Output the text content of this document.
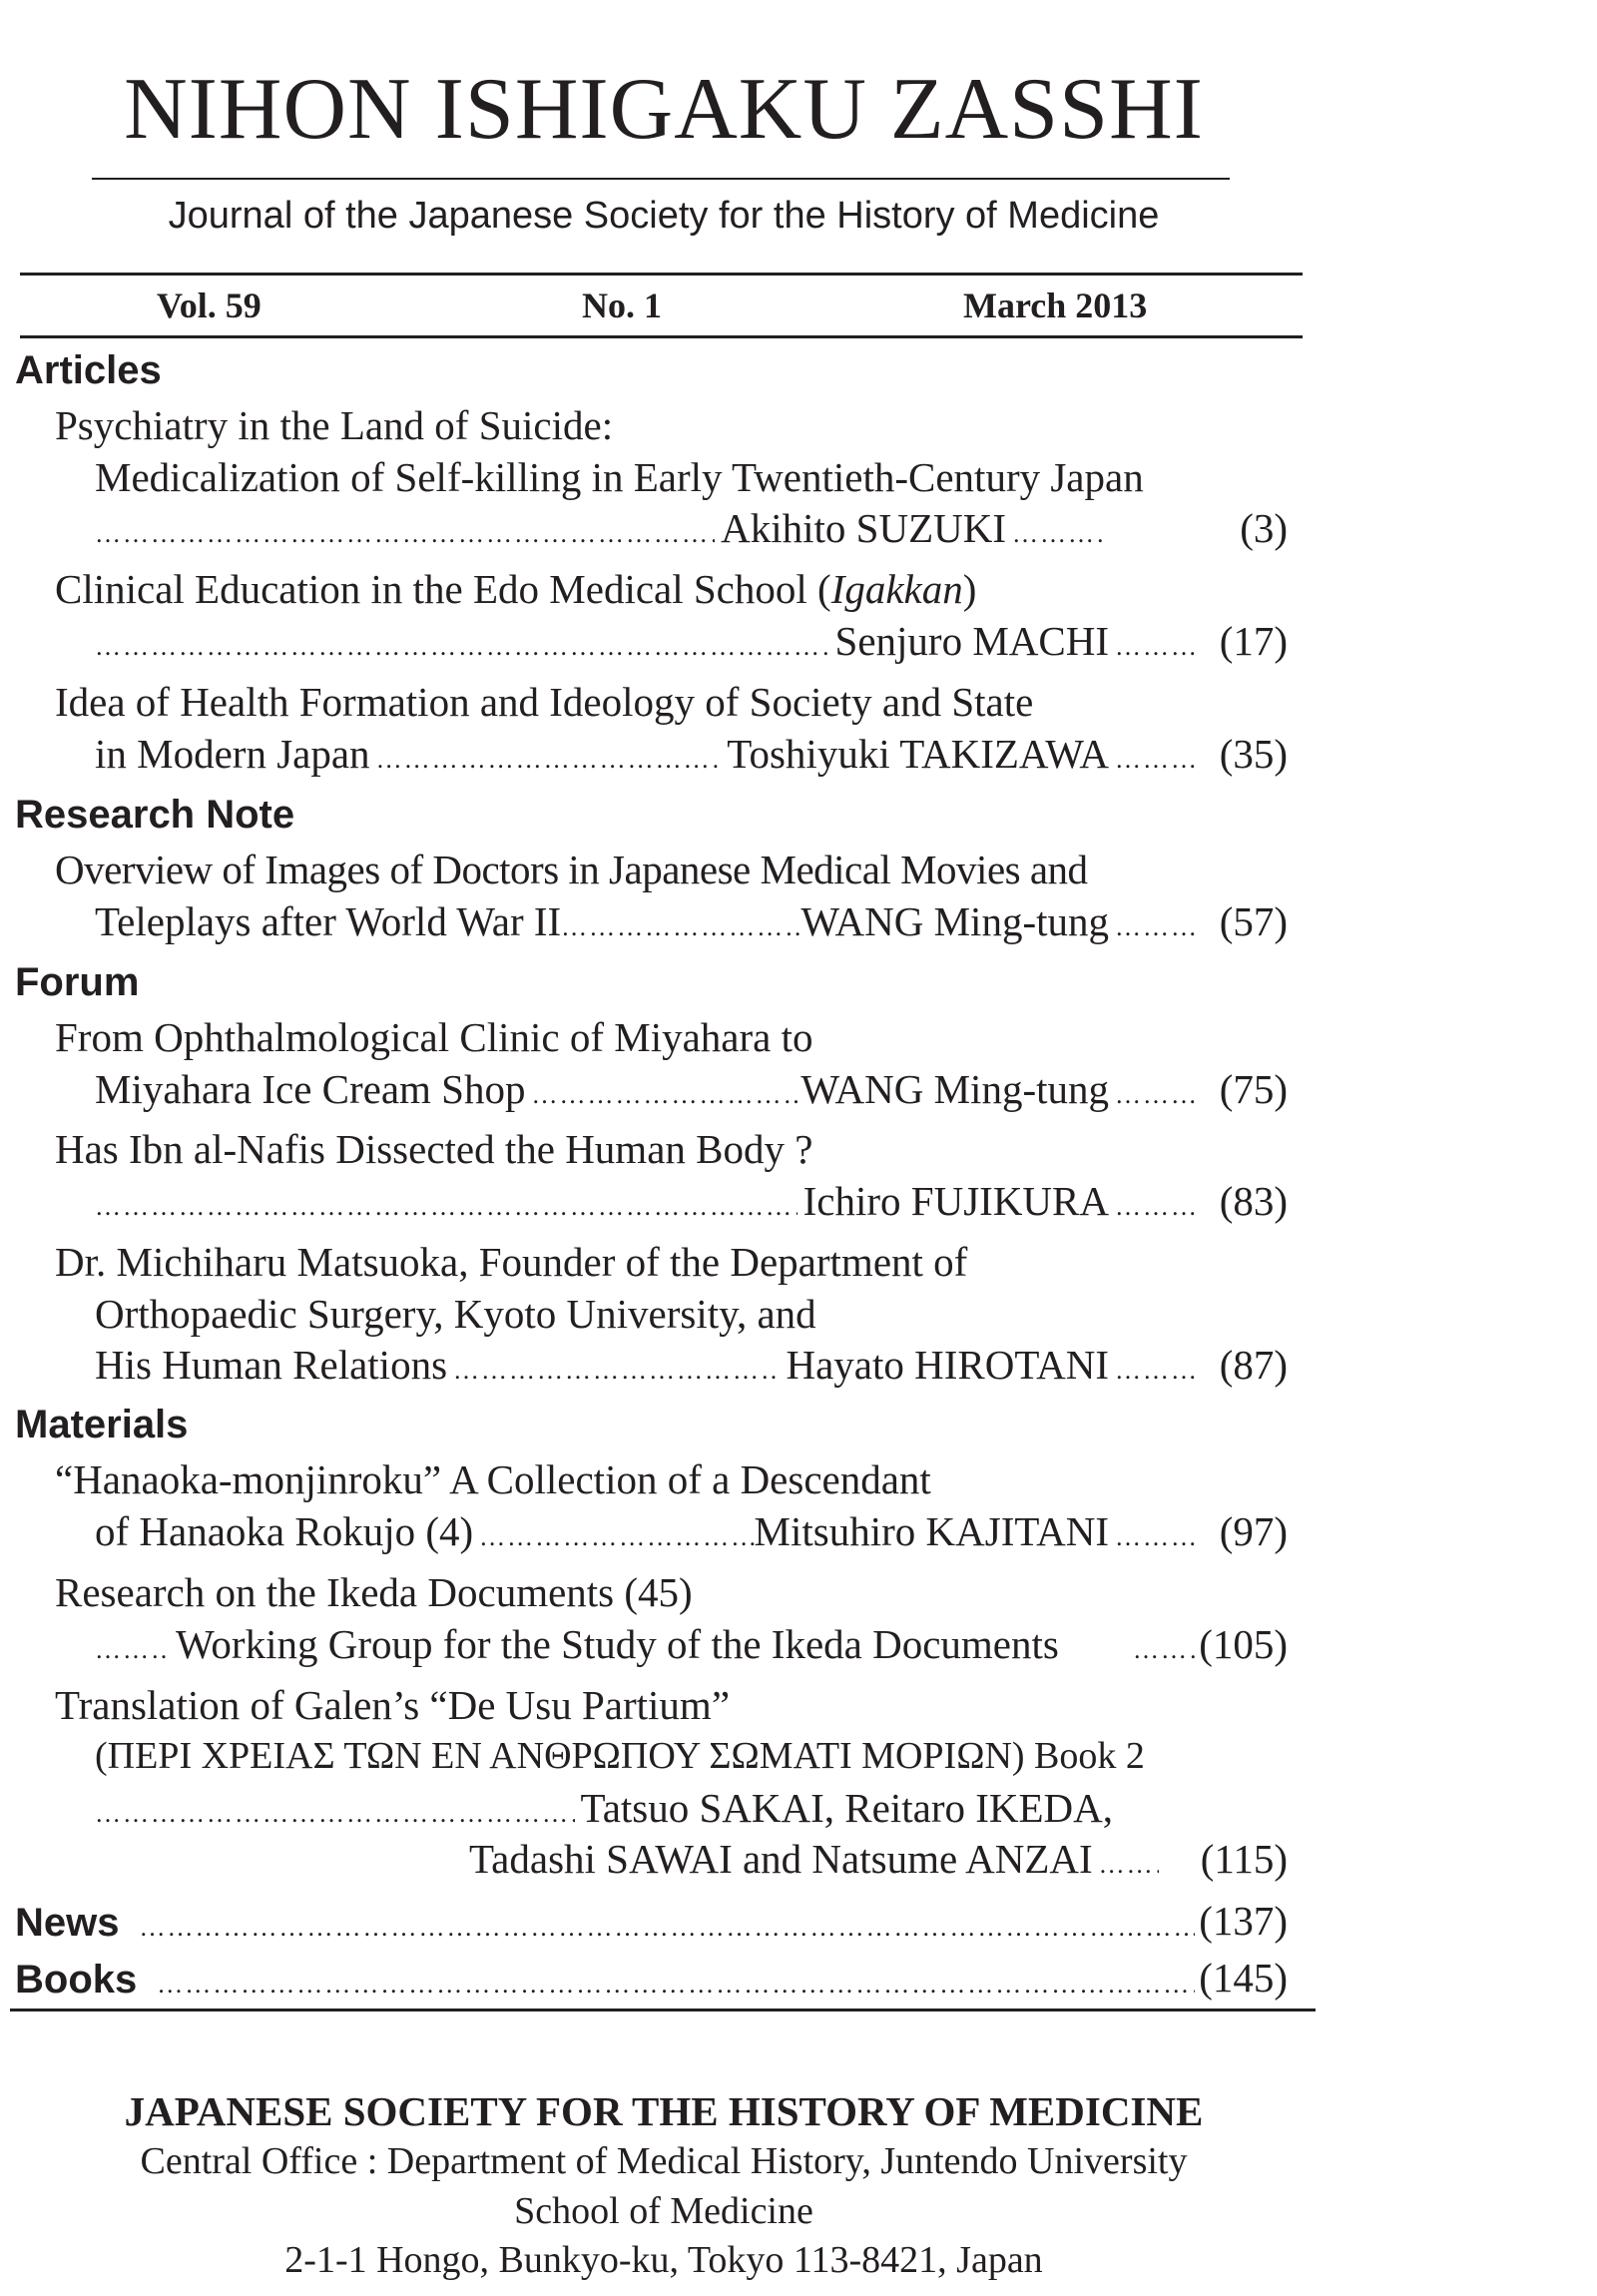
NIHON ISHIGAKU ZASSHI
Journal of the Japanese Society for the History of Medicine
Vol. 59	No. 1	March 2013
Articles
Psychiatry in the Land of Suicide:
Medicalization of Self-killing in Early Twentieth-Century Japan
…………………………………………………………………………………………………………………………………………………………………………………………………………………………………………………………………………………………………………………
Akihito SUZUKI …………………………………………………………………………………………………………………………………………………………………………………………………………………………………………………………………………………………………………………	(3)
Clinical Education in the Edo Medical School (Igakkan)
…………………………………………………………………………………………………………………………………………………………………………………………………………………………………………………………………………………………………………………
Senjuro MACHI …………………………………………………………………………………………………………………………………………………………………………………………………………………………………………………………………………………………………………………	(17)
Idea of Health Formation and Ideology of Society and State
in Modern Japan …………………………………………………………………………………………………………………………………………………………………………………………………………………………………………………………………………………………………………………	Toshiyuki TAKIZAWA …………………………………………………………………………………………………………………………………………………………………………………………………………………………………………………………………………………………………………………	(35)
Research Note
Overview of Images of Doctors in Japanese Medical Movies and
Teleplays after World War II …………………………………………………………………………………………………………………………………………………………………………………………………………………………………………………………………………………………………………………	WANG Ming-tung …………………………………………………………………………………………………………………………………………………………………………………………………………………………………………………………………………………………………………………	(57)
Forum
From Ophthalmological Clinic of Miyahara to
Miyahara Ice Cream Shop …………………………………………………………………………………………………………………………………………………………………………………………………………………………………………………………………………………………………………………	WANG Ming-tung …………………………………………………………………………………………………………………………………………………………………………………………………………………………………………………………………………………………………………………	(75)
Has Ibn al-Nafis Dissected the Human Body ?
…………………………………………………………………………………………………………………………………………………………………………………………………………………………………………………………………………………………………………………
Ichiro FUJIKURA …………………………………………………………………………………………………………………………………………………………………………………………………………………………………………………………………………………………………………………	(83)
Dr. Michiharu Matsuoka, Founder of the Department of
Orthopaedic Surgery, Kyoto University, and
His Human Relations …………………………………………………………………………………………………………………………………………………………………………………………………………………………………………………………………………………………………………………	Hayato HIROTANI …………………………………………………………………………………………………………………………………………………………………………………………………………………………………………………………………………………………………………………	(87)
Materials
“Hanaoka-monjinroku” A Collection of a Descendant
of Hanaoka Rokujo (4) …………………………………………………………………………………………………………………………………………………………………………………………………………………………………………………………………………………………………………………	Mitsuhiro KAJITANI …………………………………………………………………………………………………………………………………………………………………………………………………………………………………………………………………………………………………………………	(97)
Research on the Ikeda Documents (45)
…………………………………………………………………………………………………………………………………………………………………………………………………………………………………………………………………………………………………………………
Working Group for the Study of the Ikeda Documents …………………………………………………………………………………………………………………………………………………………………………………………………………………………………………………………………………………………………………………	(105)
Translation of Galen’s “De Usu Partium”
(ΠΕΡΙ ΧΡΕΙΑΣ ΤΩΝ ΕΝ ΑΝΘΡΩΠΟΥ ΣΩΜΑΤΙ ΜΟΡΙΩΝ) Book 2
…………………………………………………………………………………………………………………………………………………………………………………………………………………………………………………………………………………………………………………
Tatsuo SAKAI, Reitaro IKEDA,
Tadashi SAWAI and Natsume ANZAI …………………………………………………………………………………………………………………………………………………………………………………………………………………………………………………………………………………………………………………	(115)
News …………………………………………………………………………………………………………………………………………………………………………………………………………………………………………………………………………………………………………………	(137)
Books …………………………………………………………………………………………………………………………………………………………………………………………………………………………………………………………………………………………………………………	(145)
JAPANESE SOCIETY FOR THE HISTORY OF MEDICINE
Central Office : Department of Medical History, Juntendo University
School of Medicine
2-1-1 Hongo, Bunkyo-ku, Tokyo 113-8421, Japan
